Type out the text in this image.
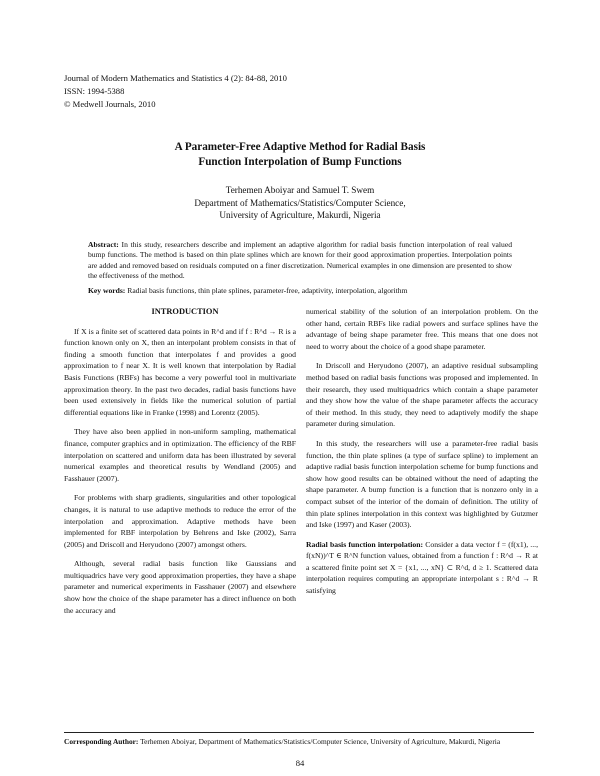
Journal of Modern Mathematics and Statistics 4 (2): 84-88, 2010
ISSN: 1994-5388
© Medwell Journals, 2010
A Parameter-Free Adaptive Method for Radial Basis
Function Interpolation of Bump Functions
Terhemen Aboiyar and Samuel T. Swem
Department of Mathematics/Statistics/Computer Science,
University of Agriculture, Makurdi, Nigeria
Abstract: In this study, researchers describe and implement an adaptive algorithm for radial basis function interpolation of real valued bump functions. The method is based on thin plate splines which are known for their good approximation properties. Interpolation points are added and removed based on residuals computed on a finer discretization. Numerical examples in one dimension are presented to show the effectiveness of the method.
Key words: Radial basis functions, thin plate splines, parameter-free, adaptivity, interpolation, algorithm

INTRODUCTION

If X is a finite set of scattered data points in R^d and if f : R^d → R is a function known only on X, then an interpolant problem consists in that of finding a smooth function that interpolates f and provides a good approximation to f near X. It is well known that interpolation by Radial Basis Functions (RBFs) has become a very powerful tool in multivariate approximation theory. In the past two decades, radial basis functions have been used extensively in fields like the numerical solution of partial differential equations like in Franke (1998) and Lorentz (2005).

They have also been applied in non-uniform sampling, mathematical finance, computer graphics and in optimization. The efficiency of the RBF interpolation on scattered and uniform data has been illustrated by several numerical examples and theoretical results by Wendland (2005) and Fasshauer (2007).

For problems with sharp gradients, singularities and other topological changes, it is natural to use adaptive methods to reduce the error of the interpolation and approximation. Adaptive methods have been implemented for RBF interpolation by Behrens and Iske (2002), Sarra (2005) and Driscoll and Heryudono (2007) amongst others.

Although, several radial basis function like Gaussians and multiquadrics have very good approximation properties, they have a shape parameter and numerical experiments in Fasshauer (2007) and elsewhere show how the choice of the shape parameter has a direct influence on both the accuracy and

numerical stability of the solution of an interpolation problem. On the other hand, certain RBFs like radial powers and surface splines have the advantage of being shape parameter free. This means that one does not need to worry about the choice of a good shape parameter.

In Driscoll and Heryudono (2007), an adaptive residual subsampling method based on radial basis functions was proposed and implemented. In their research, they used multiquadrics which contain a shape parameter and they show how the value of the shape parameter affects the accuracy of their method. In this study, they need to adaptively modify the shape parameter during simulation.

In this study, the researchers will use a parameter-free radial basis function, the thin plate splines (a type of surface spline) to implement an adaptive radial basis function interpolation scheme for bump functions and show how good results can be obtained without the need of adapting the shape parameter. A bump function is a function that is nonzero only in a compact subset of the interior of the domain of definition. The utility of thin plate splines interpolation in this context was highlighted by Gutzmer and Iske (1997) and Kaser (2003).

Radial basis function interpolation: Consider a data vector f = (f(x1), ..., f(xN))^T ∈ R^N function values, obtained from a function f : R^d → R at a scattered finite point set X = {x1, ..., xN} ⊂ R^d, d ≥ 1. Scattered data interpolation requires computing an appropriate interpolant s : R^d → R satisfying

Corresponding Author: Terhemen Aboiyar, Department of Mathematics/Statistics/Computer Science, University of Agriculture, Makurdi, Nigeria
84
